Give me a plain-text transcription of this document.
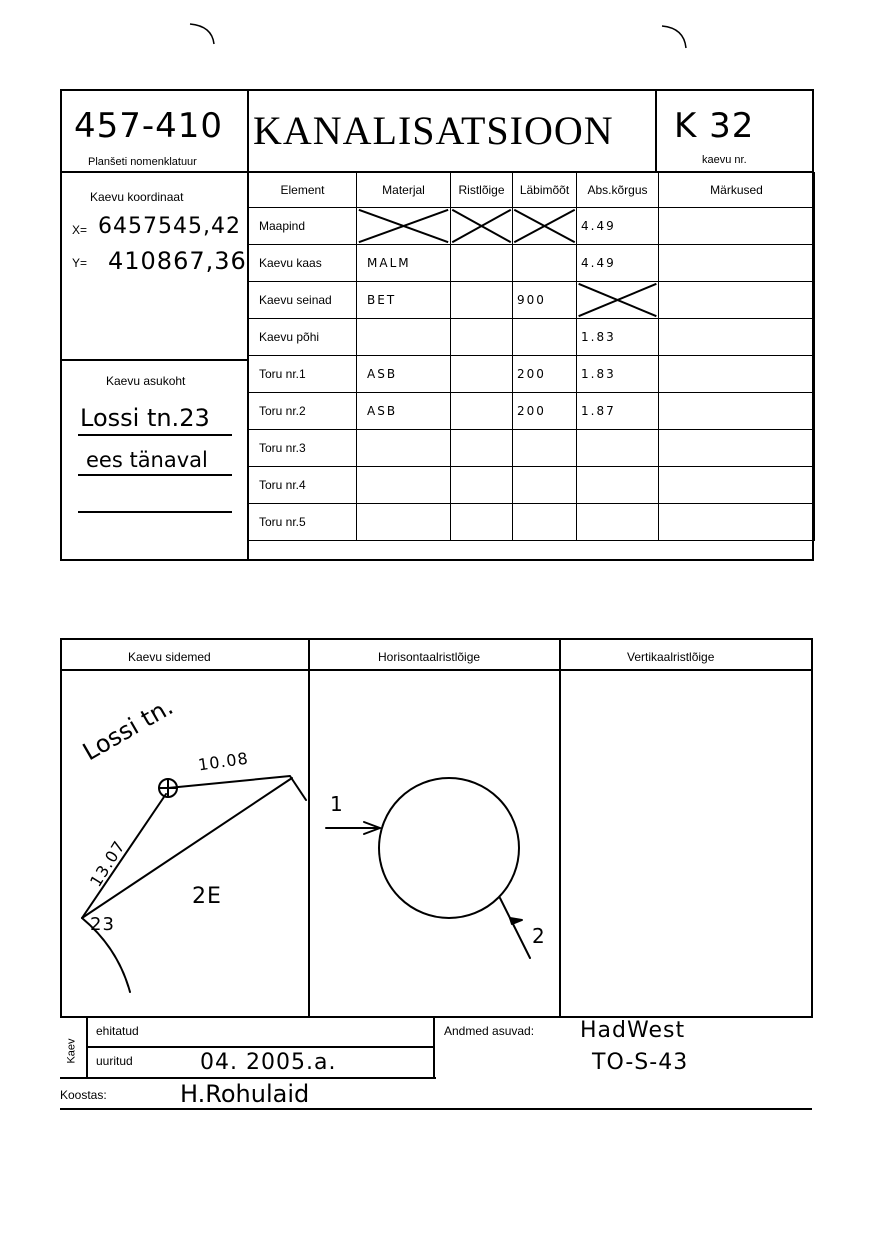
457-410
Planšeti nomenklatuur
KANALISATSIOON K 32
kaevu nr.
Kaevu koordinaat
X= 6457545,42
Y= 410867,36
Kaevu asukoht
Lossi tn.23
ees tänaval
Element	Materjal	Ristlõige	Läbimõõt	Abs.kõrgus	Märkused
Maapind				4.49	
Kaevu kaas	MALM			4.49	
Kaevu seinad	BET		900	

Kaevu põhi				1.83	
Toru nr.1	ASB		200	1.83	
Toru nr.2	ASB		200	1.87	
Toru nr.3					
Toru nr.4					
Toru nr.5					
Kaevu sidemed	Horisontaalristlõige	Vertikaalristlõige
Lossi tn. 10.08
13.07
23
2E
1
2
Kaev
ehitatud
uuritud	04. 2005.a.
Andmed asuvad: HadWest
TO-S-43
Koostas:	H.Rohulaid
